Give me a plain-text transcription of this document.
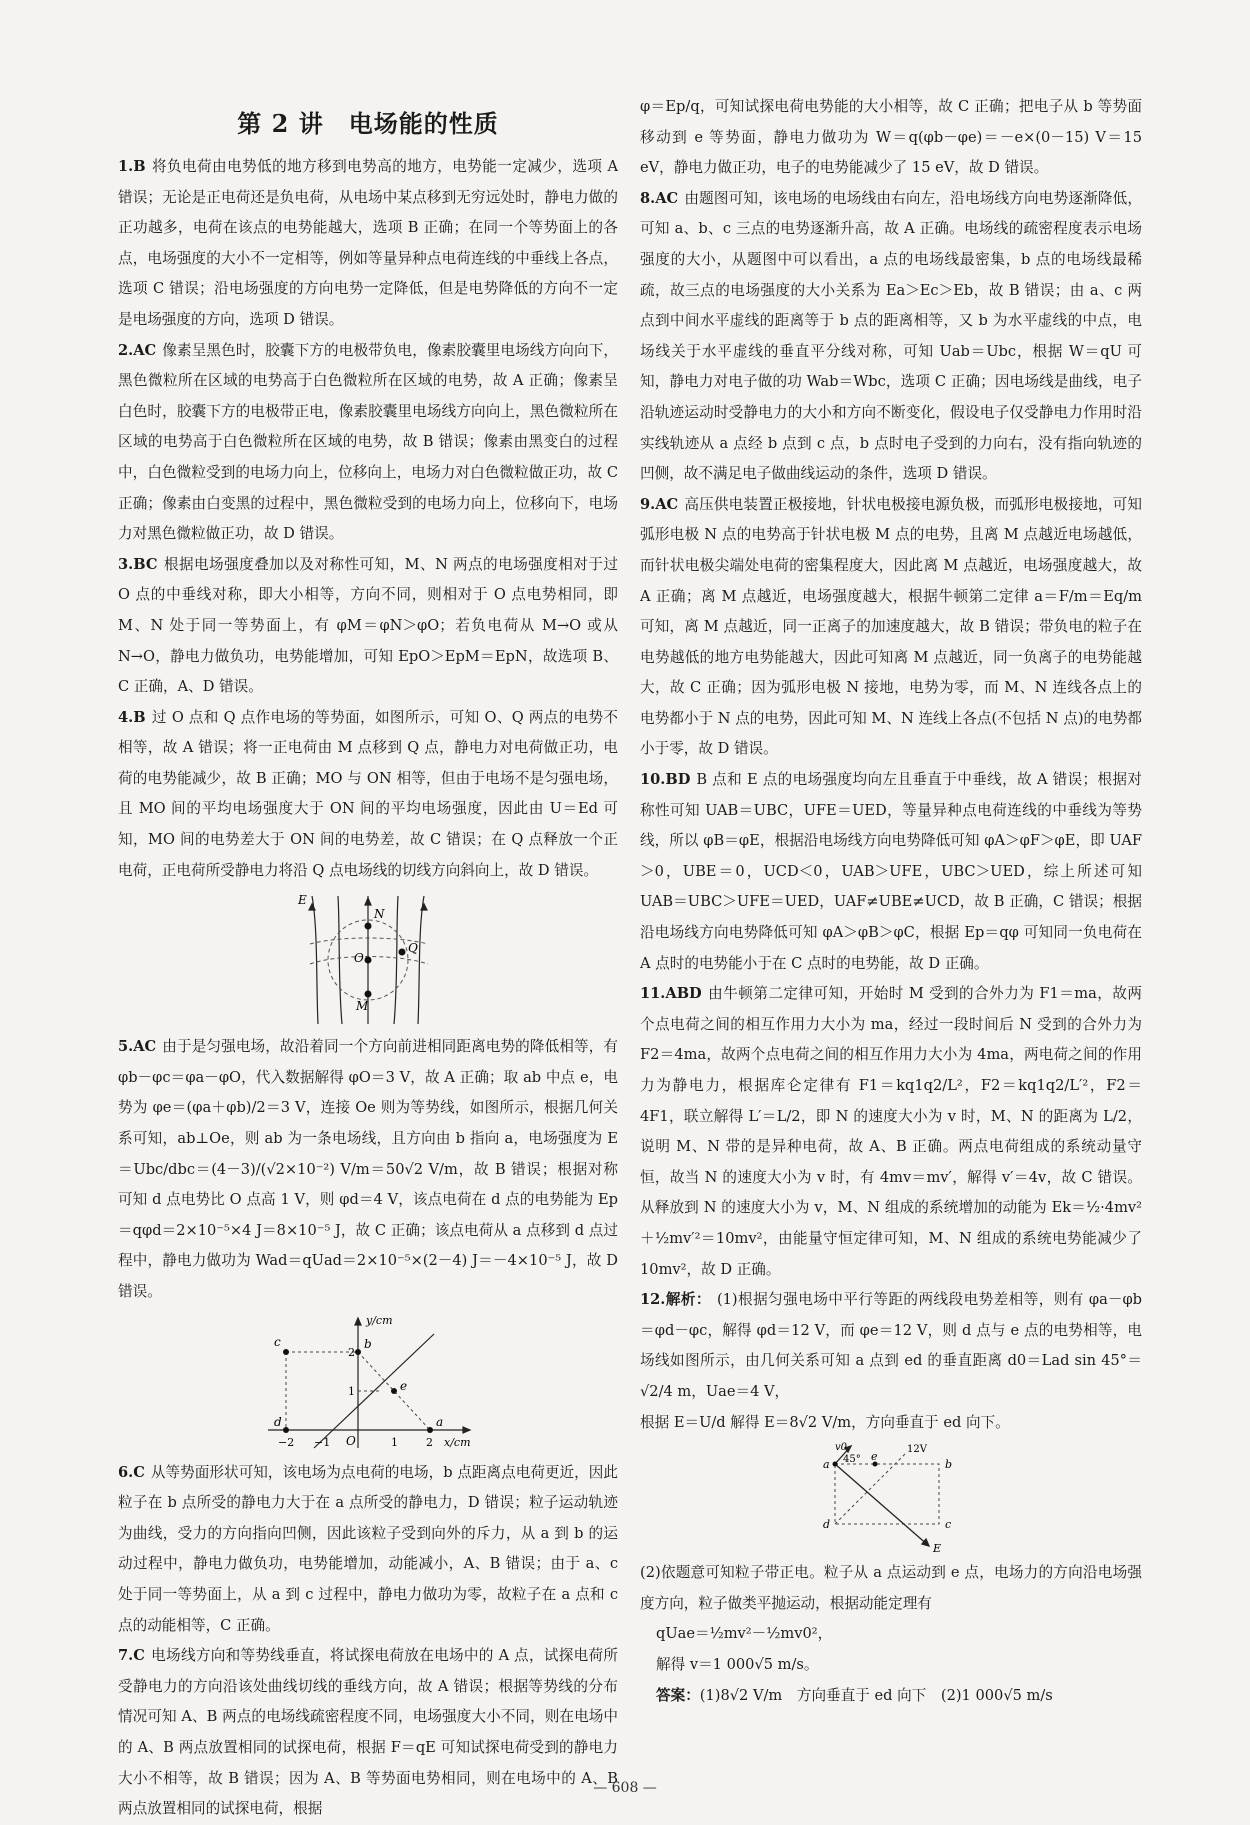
第 2 讲　电场能的性质

1.B 将负电荷由电势低的地方移到电势高的地方，电势能一定减少，选项 A 错误；无论是正电荷还是负电荷，从电场中某点移到无穷远处时，静电力做的正功越多，电荷在该点的电势能越大，选项 B 正确；在同一个等势面上的各点，电场强度的大小不一定相等，例如等量异种点电荷连线的中垂线上各点，选项 C 错误；沿电场强度的方向电势一定降低，但是电势降低的方向不一定是电场强度的方向，选项 D 错误。

2.AC 像素呈黑色时，胶囊下方的电极带负电，像素胶囊里电场线方向向下，黑色微粒所在区域的电势高于白色微粒所在区域的电势，故 A 正确；像素呈白色时，胶囊下方的电极带正电，像素胶囊里电场线方向向上，黑色微粒所在区域的电势高于白色微粒所在区域的电势，故 B 错误；像素由黑变白的过程中，白色微粒受到的电场力向上，位移向上，电场力对白色微粒做正功，故 C 正确；像素由白变黑的过程中，黑色微粒受到的电场力向上，位移向下，电场力对黑色微粒做正功，故 D 错误。

3.BC 根据电场强度叠加以及对称性可知，M、N 两点的电场强度相对于过 O 点的中垂线对称，即大小相等，方向不同，则相对于 O 点电势相同，即 M、N 处于同一等势面上，有 φM＝φN＞φO；若负电荷从 M→O 或从 N→O，静电力做负功，电势能增加，可知 EpO＞EpM＝EpN，故选项 B、C 正确，A、D 错误。

4.B 过 O 点和 Q 点作电场的等势面，如图所示，可知 O、Q 两点的电势不相等，故 A 错误；将一正电荷由 M 点移到 Q 点，静电力对电荷做正功，电荷的电势能减少，故 B 正确；MO 与 ON 相等，但由于电场不是匀强电场，且 MO 间的平均电场强度大于 ON 间的平均电场强度，因此由 U＝Ed 可知，MO 间的电势差大于 ON 间的电势差，故 C 错误；在 Q 点释放一个正电荷，正电荷所受静电力将沿 Q 点电场线的切线方向斜向上，故 D 错误。

E
N
O
Q
M

5.AC 由于是匀强电场，故沿着同一个方向前进相同距离电势的降低相等，有 φb－φc＝φa－φO，代入数据解得 φO＝3 V，故 A 正确；取 ab 中点 e，电势为 φe＝(φa＋φb)/2＝3 V，连接 Oe 则为等势线，如图所示，根据几何关系可知，ab⊥Oe，则 ab 为一条电场线，且方向由 b 指向 a，电场强度为 E＝Ubc/dbc＝(4－3)/(√2×10⁻²) V/m＝50√2 V/m，故 B 错误；根据对称可知 d 点电势比 O 点高 1 V，则 φd＝4 V，该点电荷在 d 点的电势能为 Ep＝qφd＝2×10⁻⁵×4 J＝8×10⁻⁵ J，故 C 正确；该点电荷从 a 点移到 d 点过程中，静电力做功为 Wad＝qUad＝2×10⁻⁵×(2－4) J＝－4×10⁻⁵ J，故 D 错误。

y/cm
x/cm
c	b
e
d	a
O
2
1
−2 −1	1	2

6.C 从等势面形状可知，该电场为点电荷的电场，b 点距离点电荷更近，因此粒子在 b 点所受的静电力大于在 a 点所受的静电力，D 错误；粒子运动轨迹为曲线，受力的方向指向凹侧，因此该粒子受到向外的斥力，从 a 到 b 的运动过程中，静电力做负功，电势能增加，动能减小，A、B 错误；由于 a、c 处于同一等势面上，从 a 到 c 过程中，静电力做功为零，故粒子在 a 点和 c 点的动能相等，C 正确。

7.C 电场线方向和等势线垂直，将试探电荷放在电场中的 A 点，试探电荷所受静电力的方向沿该处曲线切线的垂线方向，故 A 错误；根据等势线的分布情况可知 A、B 两点的电场线疏密程度不同，电场强度大小不同，则在电场中的 A、B 两点放置相同的试探电荷，根据 F＝qE 可知试探电荷受到的静电力大小不相等，故 B 错误；因为 A、B 等势面电势相同，则在电场中的 A、B 两点放置相同的试探电荷，根据

φ＝Ep/q，可知试探电荷电势能的大小相等，故 C 正确；把电子从 b 等势面移动到 e 等势面，静电力做功为 W＝q(φb－φe)＝－e×(0－15) V＝15 eV，静电力做正功，电子的电势能减少了 15 eV，故 D 错误。

8.AC 由题图可知，该电场的电场线由右向左，沿电场线方向电势逐渐降低，可知 a、b、c 三点的电势逐渐升高，故 A 正确。电场线的疏密程度表示电场强度的大小，从题图中可以看出，a 点的电场线最密集，b 点的电场线最稀疏，故三点的电场强度的大小关系为 Ea＞Ec＞Eb，故 B 错误；由 a、c 两点到中间水平虚线的距离等于 b 点的距离相等，又 b 为水平虚线的中点，电场线关于水平虚线的垂直平分线对称，可知 Uab＝Ubc，根据 W＝qU 可知，静电力对电子做的功 Wab＝Wbc，选项 C 正确；因电场线是曲线，电子沿轨迹运动时受静电力的大小和方向不断变化，假设电子仅受静电力作用时沿实线轨迹从 a 点经 b 点到 c 点，b 点时电子受到的力向右，没有指向轨迹的凹侧，故不满足电子做曲线运动的条件，选项 D 错误。

9.AC 高压供电装置正极接地，针状电极接电源负极，而弧形电极接地，可知弧形电极 N 点的电势高于针状电极 M 点的电势，且离 M 点越近电场越低，而针状电极尖端处电荷的密集程度大，因此离 M 点越近，电场强度越大，故 A 正确；离 M 点越近，电场强度越大，根据牛顿第二定律 a＝F/m＝Eq/m 可知，离 M 点越近，同一正离子的加速度越大，故 B 错误；带负电的粒子在电势越低的地方电势能越大，因此可知离 M 点越近，同一负离子的电势能越大，故 C 正确；因为弧形电极 N 接地，电势为零，而 M、N 连线各点上的电势都小于 N 点的电势，因此可知 M、N 连线上各点(不包括 N 点)的电势都小于零，故 D 错误。

10.BD B 点和 E 点的电场强度均向左且垂直于中垂线，故 A 错误；根据对称性可知 UAB＝UBC，UFE＝UED，等量异种点电荷连线的中垂线为等势线，所以 φB＝φE，根据沿电场线方向电势降低可知 φA＞φF＞φE，即 UAF＞0，UBE＝0，UCD＜0，UAB＞UFE，UBC＞UED，综上所述可知 UAB＝UBC＞UFE＝UED，UAF≠UBE≠UCD，故 B 正确，C 错误；根据沿电场线方向电势降低可知 φA＞φB＞φC，根据 Ep＝qφ 可知同一负电荷在 A 点时的电势能小于在 C 点时的电势能，故 D 正确。

11.ABD 由牛顿第二定律可知，开始时 M 受到的合外力为 F1＝ma，故两个点电荷之间的相互作用力大小为 ma，经过一段时间后 N 受到的合外力为 F2＝4ma，故两个点电荷之间的相互作用力大小为 4ma，两电荷之间的作用力为静电力，根据库仑定律有 F1＝kq1q2/L²，F2＝kq1q2/L′²，F2＝4F1，联立解得 L′＝L/2，即 N 的速度大小为 v 时，M、N 的距离为 L/2，说明 M、N 带的是异种电荷，故 A、B 正确。两点电荷组成的系统动量守恒，故当 N 的速度大小为 v 时，有 4mv＝mv′，解得 v′＝4v，故 C 错误。从释放到 N 的速度大小为 v，M、N 组成的系统增加的动能为 Ek＝½·4mv²＋½mv′²＝10mv²，由能量守恒定律可知，M、N 组成的系统电势能减少了 10mv²，故 D 正确。

12.解析： (1)根据匀强电场中平行等距的两线段电势差相等，则有 φa－φb＝φd－φc，解得 φd＝12 V，而 φe＝12 V，则 d 点与 e 点的电势相等，电场线如图所示，由几何关系可知 a 点到 ed 的垂直距离 d0＝Lad sin 45°＝√2/4 m，Uae＝4 V，

根据 E＝U/d 解得 E＝8√2 V/m，方向垂直于 ed 向下。

v0	12V
45°
a
e
b
d	c
E

(2)依题意可知粒子带正电。粒子从 a 点运动到 e 点，电场力的方向沿电场强度方向，粒子做类平抛运动，根据动能定理有

qUae＝½mv²－½mv0²，

解得 v＝1 000√5 m/s。

答案：(1)8√2 V/m　方向垂直于 ed 向下　(2)1 000√5 m/s

— 608 —
